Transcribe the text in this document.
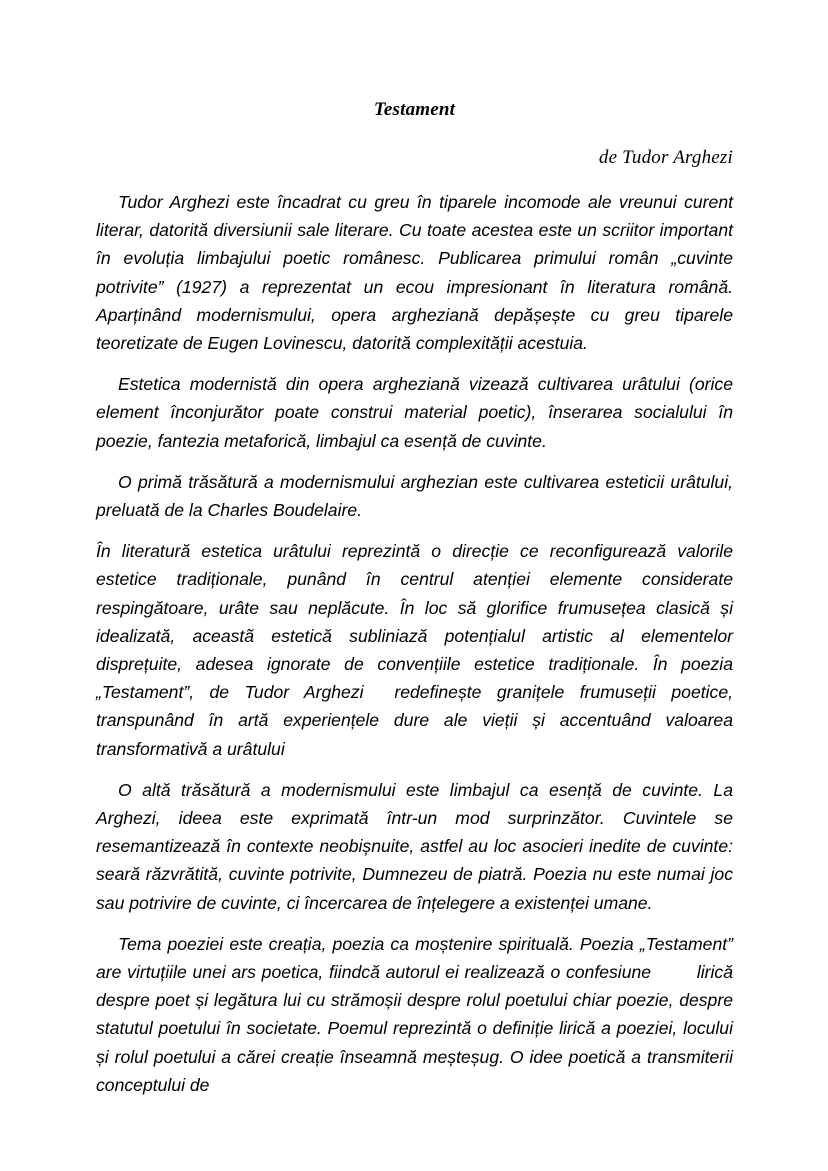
Testament
de Tudor Arghezi

Tudor Arghezi este încadrat cu greu în tiparele incomode ale vreunui curent literar, datorită diversiunii sale literare. Cu toate acestea este un scriitor important în evoluția limbajului poetic românesc. Publicarea primului român „cuvinte potrivite” (1927) a reprezentat un ecou impresionant în literatura română.  Aparținând modernismului, opera argheziană depășește cu greu tiparele teoretizate de Eugen Lovinescu, datorită complexității acestuia.

Estetica modernistă din opera argheziană vizează cultivarea urâtului (orice element înconjurător poate construi material poetic), înserarea socialului în poezie, fantezia metaforică, limbajul ca esență de cuvinte.

O primă trăsătură a modernismului arghezian este cultivarea esteticii urâtului, preluată de la Charles Boudelaire.

În literatură estetica urâtului reprezintă o direcție ce reconfigurează valorile estetice tradiționale, punând în centrul atenției elemente considerate respingătoare, urâte sau neplăcute. În loc să glorifice frumusețea clasică și idealizată, aceastã estetică subliniază potențialul artistic al elementelor disprețuite, adesea ignorate de convențiile estetice tradiționale. În poezia „Testament”, de Tudor Arghezi  redefinește granițele frumuseții poetice, transpunând în artă experiențele dure ale vieții și accentuând valoarea transformativă a urâtului

O altă trăsătură a modernismului este limbajul ca esență de cuvinte. La Arghezi, ideea este exprimată într-un mod surprinzător. Cuvintele se resemantizează în contexte neobișnuite, astfel au loc asocieri inedite de cuvinte: seară răzvrătită, cuvinte potrivite, Dumnezeu de piatră. Poezia nu este numai joc sau potrivire de cuvinte, ci încercarea de înțelegere a existenței umane.

Tema poeziei este creația, poezia ca moștenire spirituală. Poezia „Testament” are virtuțiile unei ars poetica, fiindcă autorul ei realizează o confesiune        lirică despre poet și legătura lui cu strămoșii despre rolul poetului chiar poezie, despre statutul poetului în societate. Poemul reprezintă o definiție lirică a poeziei, locului și rolul poetului a cărei creație înseamnă meșteșug. O idee poetică a transmiterii conceptului de
